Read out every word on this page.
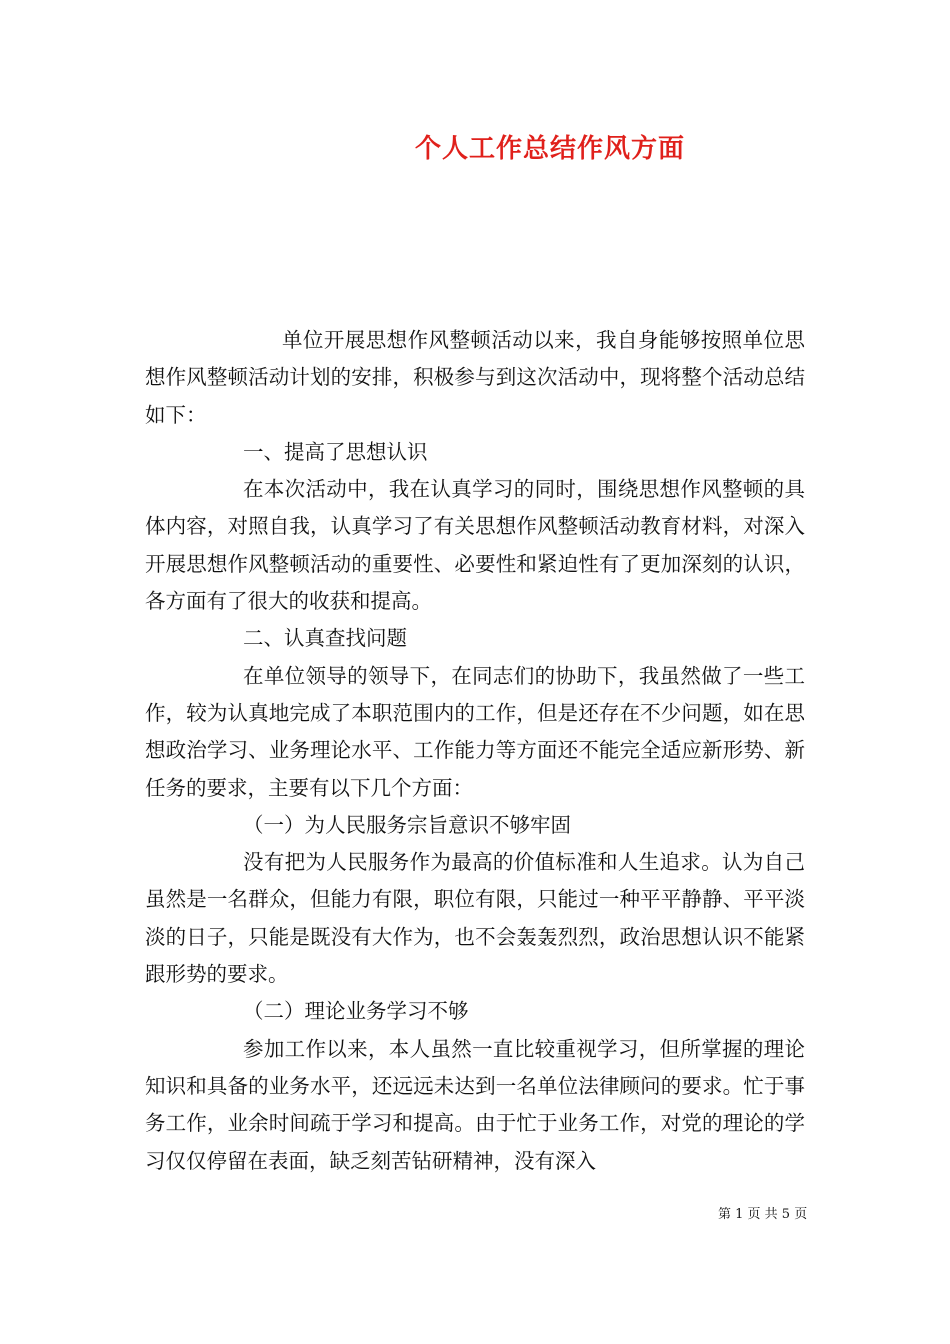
个人工作总结作风方面

单位开展思想作风整顿活动以来，我自身能够按照单位思想作风整顿活动计划的安排，积极参与到这次活动中，现将整个活动总结如下：

一、提高了思想认识

在本次活动中，我在认真学习的同时，围绕思想作风整顿的具体内容，对照自我，认真学习了有关思想作风整顿活动教育材料，对深入开展思想作风整顿活动的重要性、必要性和紧迫性有了更加深刻的认识，各方面有了很大的收获和提高。

二、认真查找问题

在单位领导的领导下，在同志们的协助下，我虽然做了一些工作，较为认真地完成了本职范围内的工作，但是还存在不少问题，如在思想政治学习、业务理论水平、工作能力等方面还不能完全适应新形势、新任务的要求，主要有以下几个方面：

（一）为人民服务宗旨意识不够牢固

没有把为人民服务作为最高的价值标准和人生追求。认为自己虽然是一名群众，但能力有限，职位有限，只能过一种平平静静、平平淡淡的日子，只能是既没有大作为，也不会轰轰烈烈，政治思想认识不能紧跟形势的要求。

（二）理论业务学习不够

参加工作以来，本人虽然一直比较重视学习，但所掌握的理论知识和具备的业务水平，还远远未达到一名单位法律顾问的要求。忙于事务工作，业余时间疏于学习和提高。由于忙于业务工作，对党的理论的学习仅仅停留在表面，缺乏刻苦钻研精神，没有深入

第 1 页 共 5 页
